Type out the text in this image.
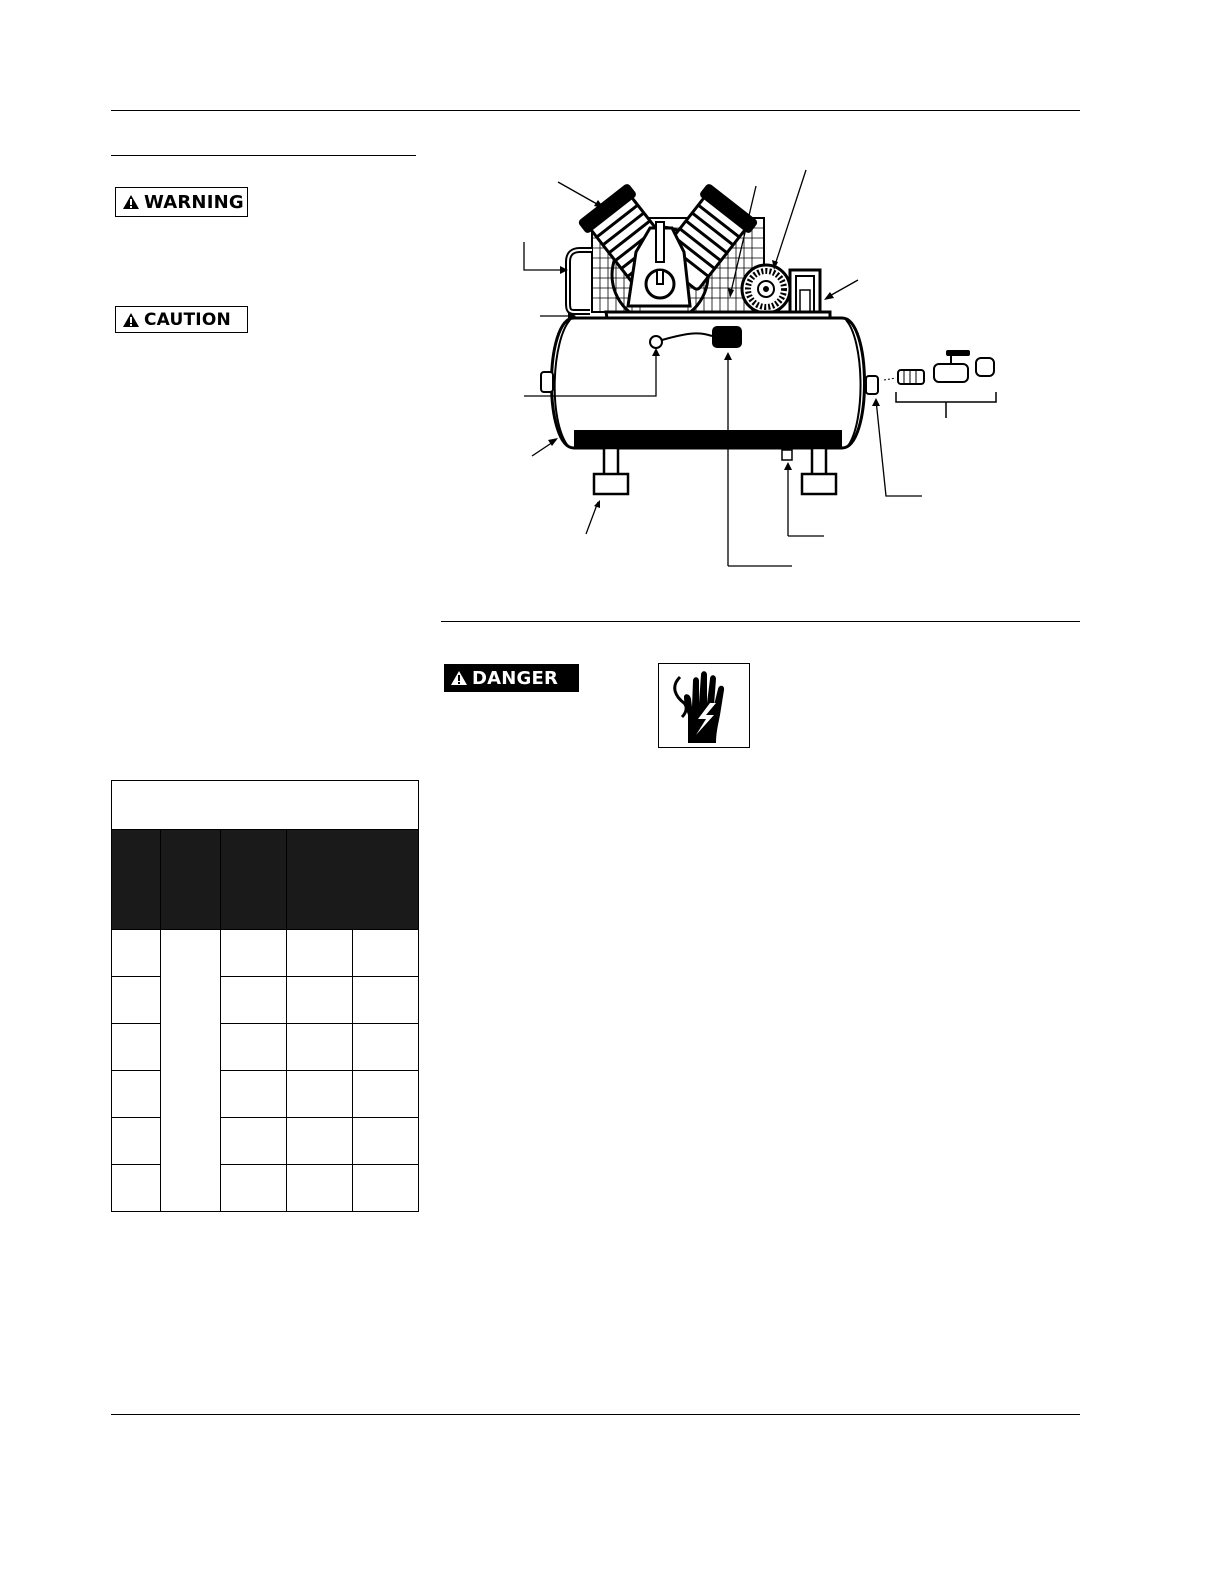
WARNING
CAUTION
DANGER
